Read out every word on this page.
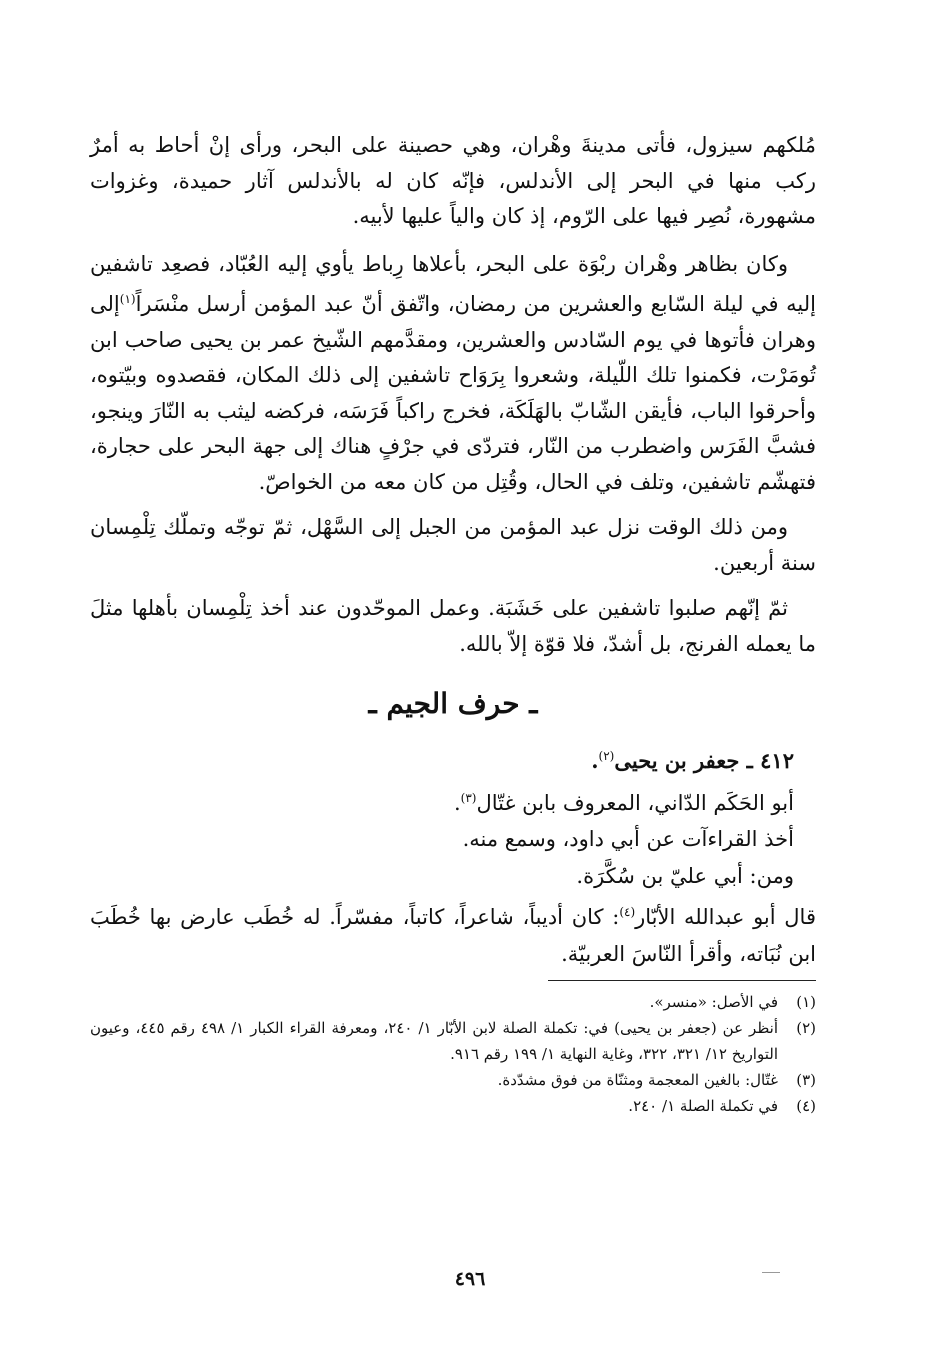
مُلكهم سيزول، فأتى مدينةَ وهْران، وهي حصينة على البحر، ورأى إنْ أحاط به أمرٌ ركب منها في البحر إلى الأندلس، فإنّه كان له بالأندلس آثار حميدة، وغزوات مشهورة، نُصِر فيها على الرّوم، إذ كان والياً عليها لأبيه.

وكان بظاهر وهْران ربْوَة على البحر، بأعلاها رِباط يأوي إليه العُبّاد، فصعِد تاشفين إليه في ليلة السّابع والعشرين من رمضان، واتّفق أنّ عبد المؤمن أرسل منْسَراً$^{(١)}$إلى وهران فأتوها في يوم السّادس والعشرين، ومقدَّمهم الشّيخ عمر بن يحيى صاحب ابن تُومَرْت، فكمنوا تلك اللّيلة، وشعروا بِرَوَاح تاشفين إلى ذلك المكان، فقصدوه وبيّتوه، وأحرقوا الباب، فأيقن الشّابّ بالهَلَكَة، فخرج راكباً فَرَسَه، فركضه ليثب به النّارَ وينجو، فشبَّ الفَرَس واضطرب من النّار، فتردّى في جرْفٍ هناك إلى جهة البحر على حجارة، فتهشّم تاشفين، وتلف في الحال، وقُتِل من كان معه من الخواصّ.

ومن ذلك الوقت نزل عبد المؤمن من الجبل إلى السَّهْل، ثمّ توجّه وتملّك تِلْمِسان سنة أربعين.

ثمّ إنّهم صلبوا تاشفين على خَشَبَة. وعمل الموحّدون عند أخذ تِلْمِسان بأهلها مثلَ ما يعمله الفرنج، بل أشدّ، فلا قوّة إلاّ بالله.

ـ حرف الجيم ـ

٤١٢ ـ جعفر بن يحيى$^{(٢)}$.

أبو الحَكَم الدّاني، المعروف بابن غتّال$^{(٣)}$.

أخذ القراءآت عن أبي داود، وسمع منه.

ومن: أبي عليّ بن سُكَّرَة.

قال أبو عبدالله الأبّار$^{(٤)}$: كان أديباً، شاعراً، كاتباً، مفسّراً. له خُطَب عارض بها خُطَبَ ابن نُبَاته، وأقرأ النّاسَ العربيّة.

(١)
في الأصل: «منسر».
(٢)
أنظر عن (جعفر بن يحيى) في: تكملة الصلة لابن الأبّار ١/ ٢٤٠، ومعرفة القراء الكبار ١/ ٤٩٨ رقم ٤٤٥، وعيون التواريخ ١٢/ ٣٢١، ٣٢٢، وغاية النهاية ١/ ١٩٩ رقم ٩١٦.
(٣)
غتّال: بالغين المعجمة ومثنّاة من فوق مشدّدة.
(٤)
في تكملة الصلة ١/ ٢٤٠.
٤٩٦
